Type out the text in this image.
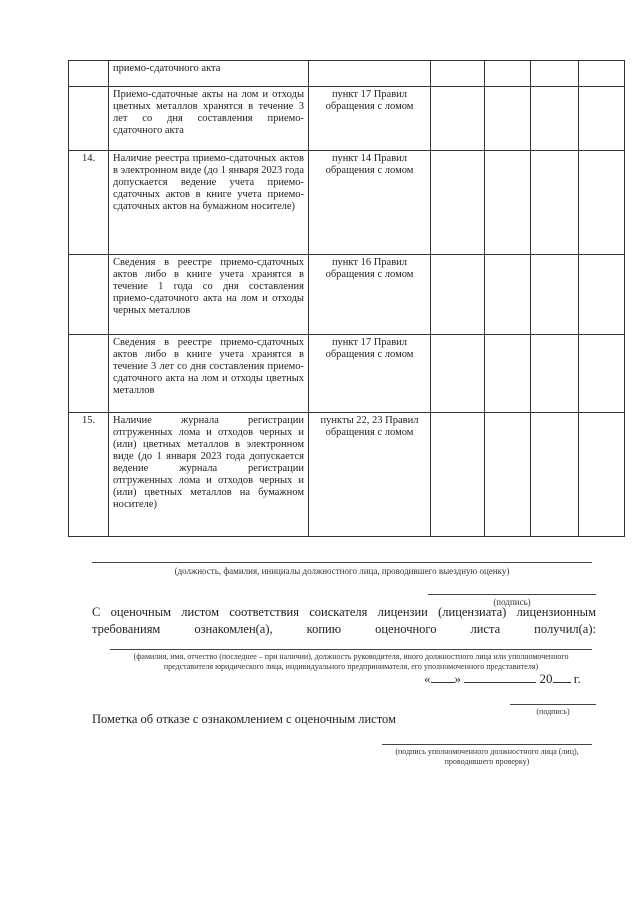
	приемо-сдаточного акта					
	Приемо-сдаточные акты на лом и отходы цветных металлов хранятся в течение 3 лет со дня составления приемо-сдаточного акта	пункт 17 Правил обращения с ломом				
14.	Наличие реестра приемо-сдаточных актов в электронном виде (до 1 января 2023 года допускается ведение учета приемо-сдаточных актов в книге учета приемо-сдаточных актов на бумажном носителе)	пункт 14 Правил обращения с ломом				
	Сведения в реестре приемо-сдаточных актов либо в книге учета хранятся в течение 1 года со дня составления приемо-сдаточного акта на лом и отходы черных металлов	пункт 16 Правил обращения с ломом				
	Сведения в реестре приемо-сдаточных актов либо в книге учета хранятся в течение 3 лет со дня составления приемо-сдаточного акта на лом и отходы цветных металлов	пункт 17 Правил обращения с ломом				
15.	Наличие журнала регистрации отгруженных лома и отходов черных и (или) цветных металлов в электронном виде (до 1 января 2023 года допускается ведение журнала регистрации отгруженных лома и отходов черных и (или) цветных металлов на бумажном носителе)	пункты 22, 23 Правил обращения с ломом				
(должность, фамилия, инициалы должностного лица, проводившего выездную оценку)
(подпись)
С оценочным листом соответствия соискателя лицензии (лицензиата) лицензионным требованиям ознакомлен(а), копию оценочного листа получил(а):
(фамилия, имя, отчество (последнее – при наличии), должность руководителя, иного должностного лица или уполномоченного представителя юридического лица, индивидуального предпринимателя, его уполномоченного представителя)
« »	20 г.
(подпись)
Пометка об отказе с ознакомлением с оценочным листом
(подпись уполномоченного должностного лица (лиц), проводившего проверку)
